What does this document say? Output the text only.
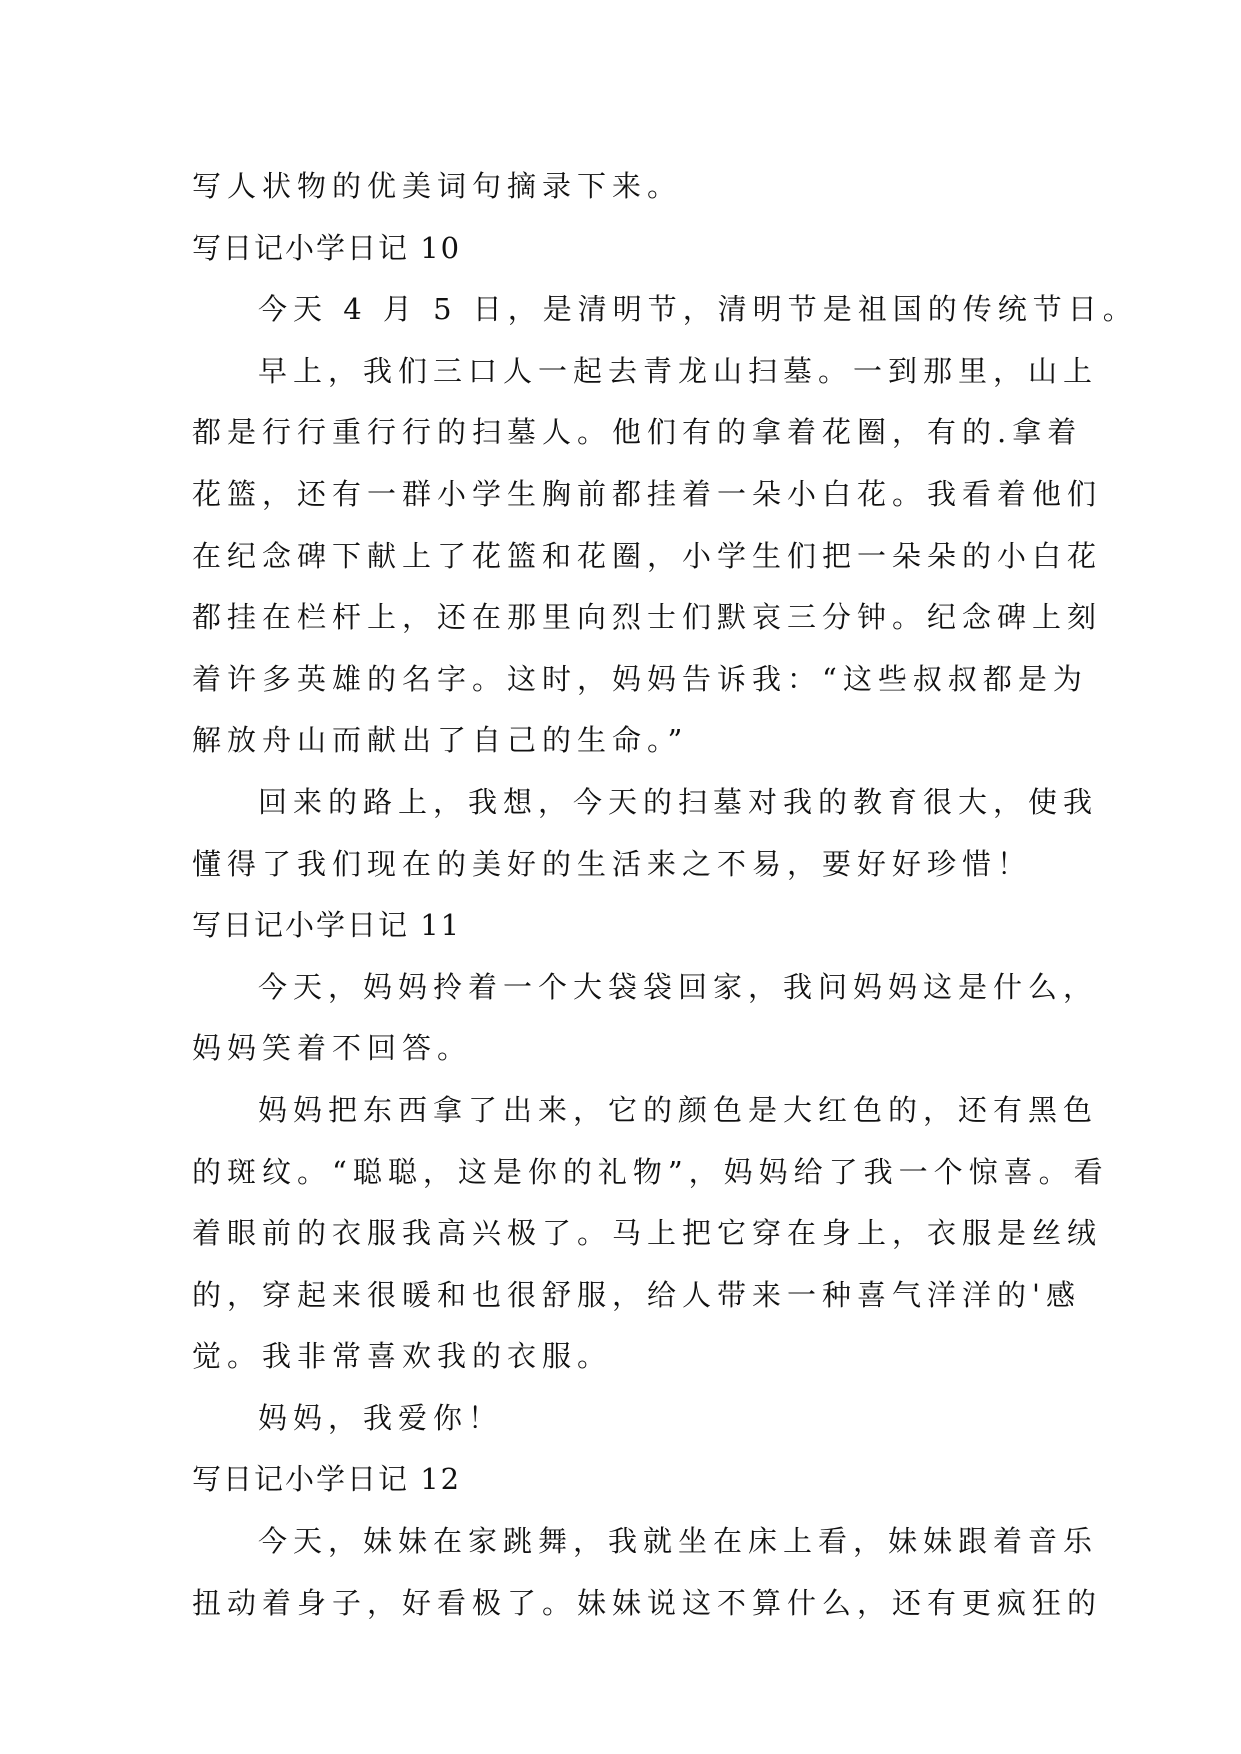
写人状物的优美词句摘录下来。
写日记小学日记 10
今天 4 月 5 日，是清明节，清明节是祖国的传统节日。
早上，我们三口人一起去青龙山扫墓。一到那里，山上
都是行行重行行的扫墓人。他们有的拿着花圈，有的.拿着
花篮，还有一群小学生胸前都挂着一朵小白花。我看着他们
在纪念碑下献上了花篮和花圈，小学生们把一朵朵的小白花
都挂在栏杆上，还在那里向烈士们默哀三分钟。纪念碑上刻
着许多英雄的名字。这时，妈妈告诉我：“这些叔叔都是为
解放舟山而献出了自己的生命。”
回来的路上，我想，今天的扫墓对我的教育很大，使我
懂得了我们现在的美好的生活来之不易，要好好珍惜！
写日记小学日记 11
今天，妈妈拎着一个大袋袋回家，我问妈妈这是什么，
妈妈笑着不回答。
妈妈把东西拿了出来，它的颜色是大红色的，还有黑色
的斑纹。“聪聪，这是你的礼物”，妈妈给了我一个惊喜。看
着眼前的衣服我高兴极了。马上把它穿在身上，衣服是丝绒
的，穿起来很暖和也很舒服，给人带来一种喜气洋洋的'感
觉。我非常喜欢我的衣服。
妈妈，我爱你！
写日记小学日记 12
今天，妹妹在家跳舞，我就坐在床上看，妹妹跟着音乐
扭动着身子，好看极了。妹妹说这不算什么，还有更疯狂的
